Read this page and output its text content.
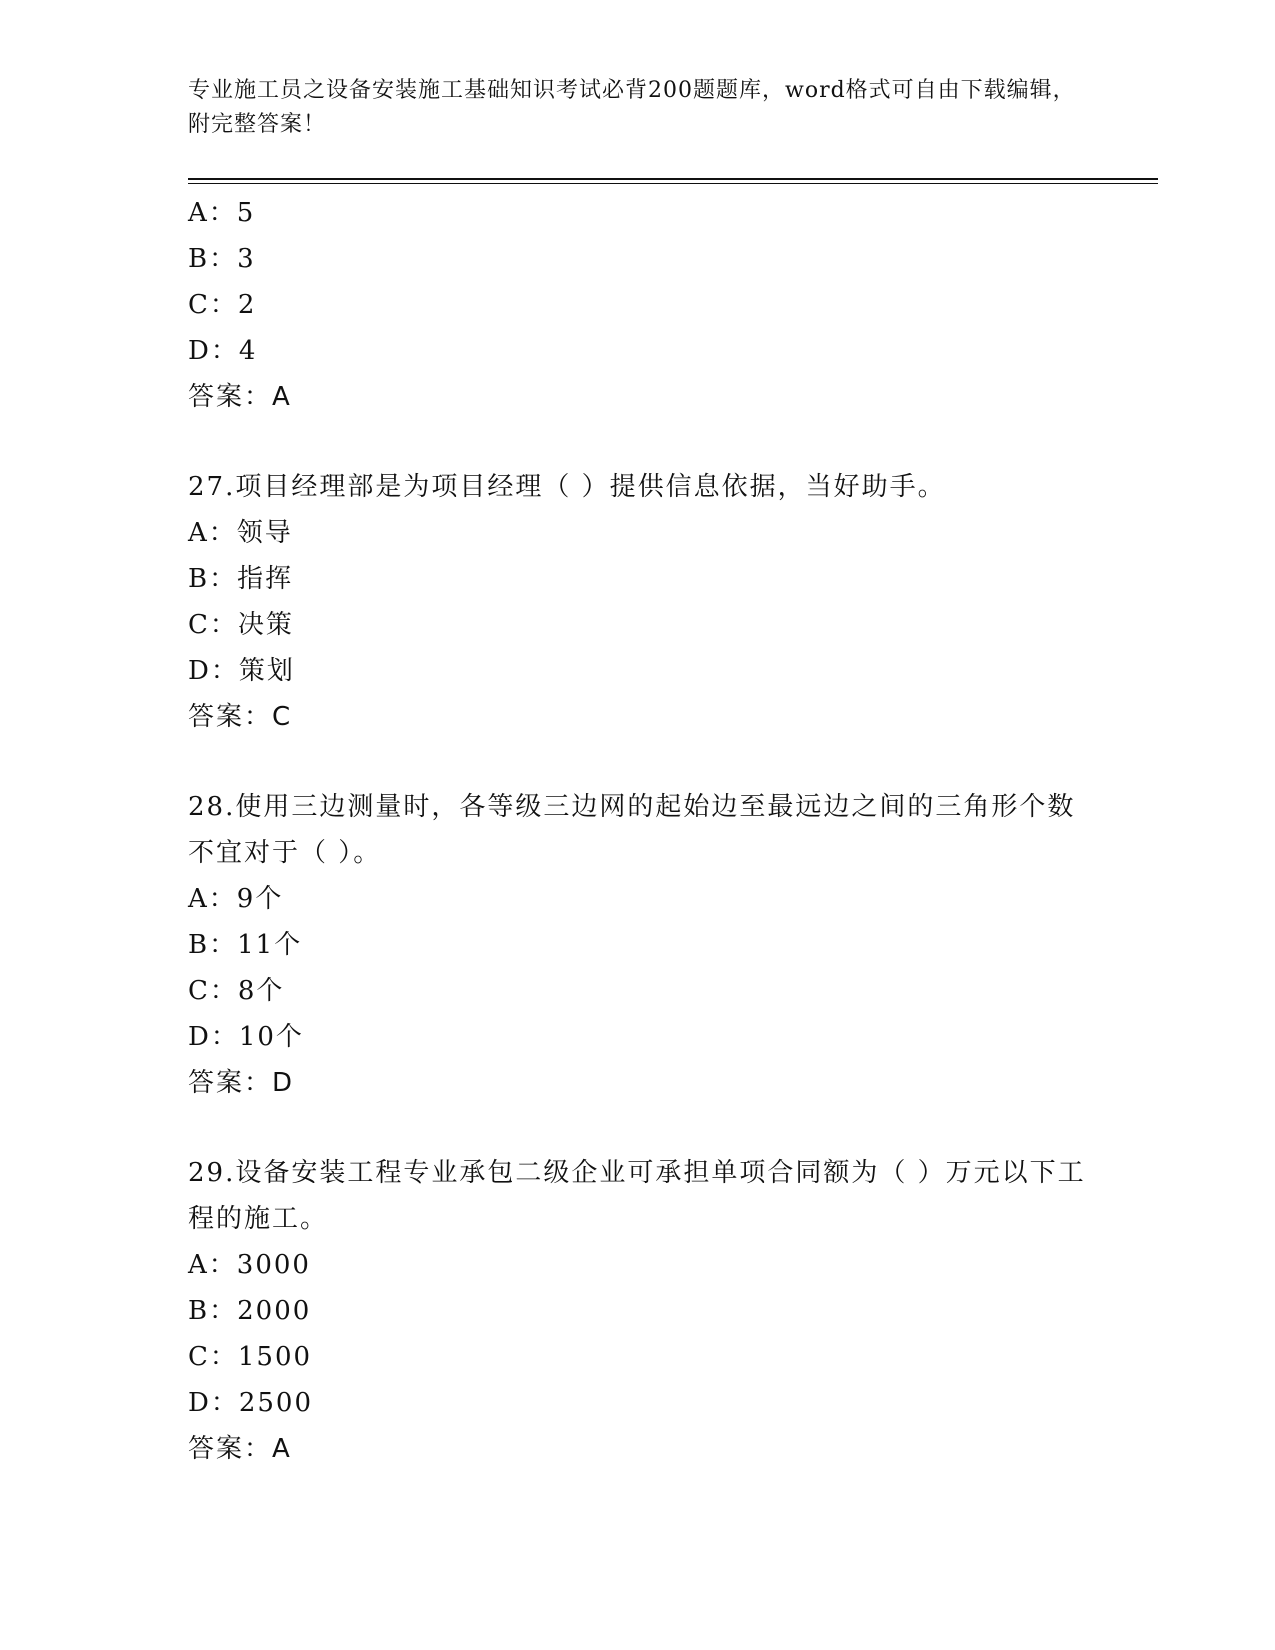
专业施工员之设备安装施工基础知识考试必背200题题库，word格式可自由下载编辑，附完整答案！

A：5
B：3
C：2
D：4
答案：A
27.项目经理部是为项目经理（ ）提供信息依据，当好助手。
A：领导
B：指挥
C：决策
D：策划
答案：C
28.使用三边测量时，各等级三边网的起始边至最远边之间的三角形个数不宜对于（ ）。
A：9个
B：11个
C：8个
D：10个
答案：D
29.设备安装工程专业承包二级企业可承担单项合同额为（ ）万元以下工程的施工。
A：3000
B：2000
C：1500
D：2500
答案：A
